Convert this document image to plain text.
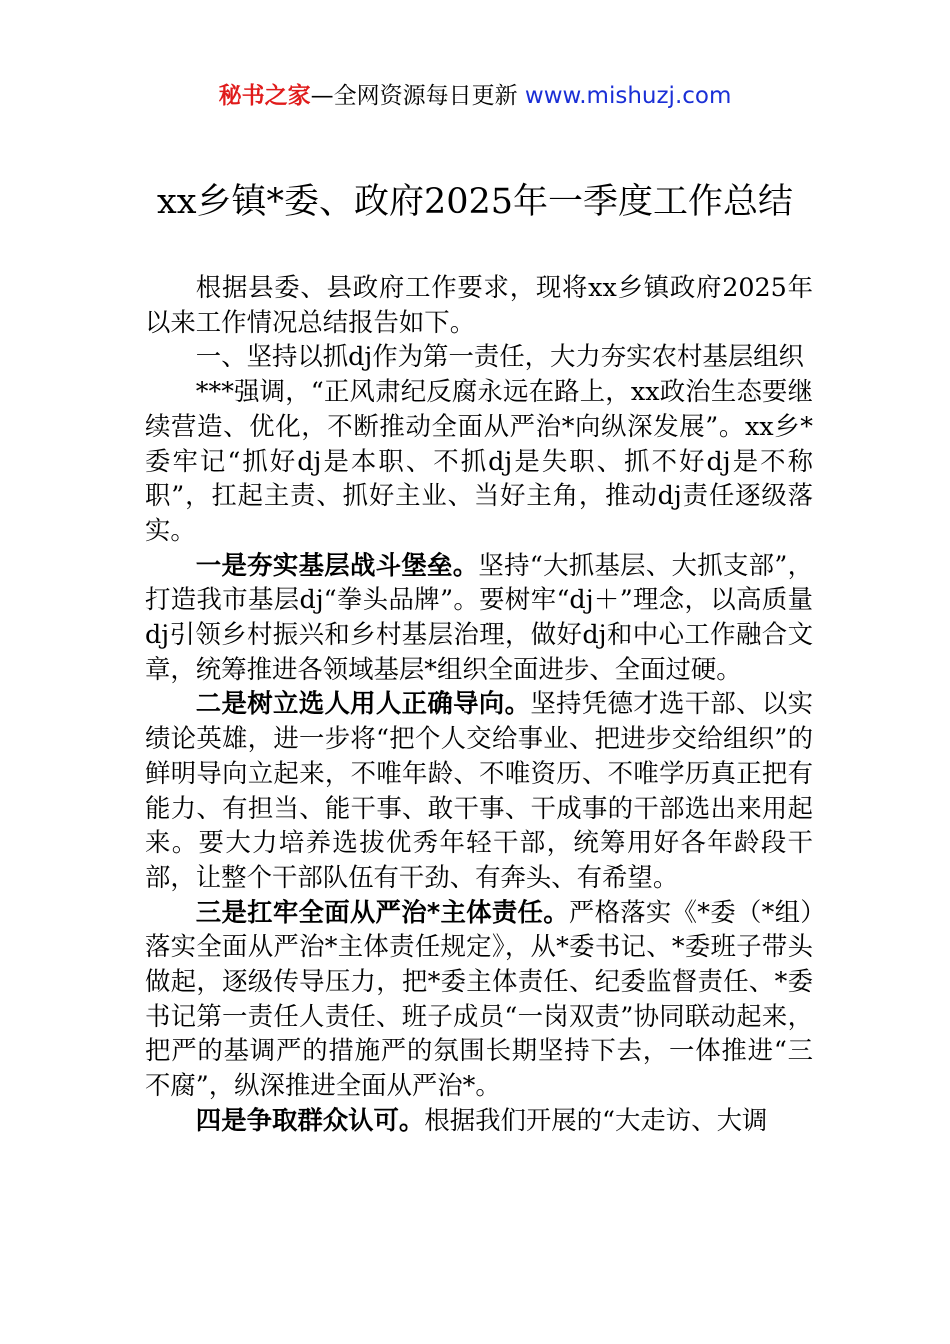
秘书之家—全网资源每日更新 www.mishuzj.com
xx乡镇*委、政府2025年一季度工作总结

根据县委、县政府工作要求，现将xx乡镇政府2025年以来工作情况总结报告如下。

一、坚持以抓dj作为第一责任，大力夯实农村基层组织

***强调，“正风肃纪反腐永远在路上，xx政治生态要继续营造、优化，不断推动全面从严治*向纵深发展”。xx乡*委牢记“抓好dj是本职、不抓dj是失职、抓不好dj是不称职”，扛起主责、抓好主业、当好主角，推动dj责任逐级落实。

一是夯实基层战斗堡垒。坚持“大抓基层、大抓支部”，打造我市基层dj“拳头品牌”。要树牢“dj＋”理念，以高质量dj引领乡村振兴和乡村基层治理，做好dj和中心工作融合文章，统筹推进各领域基层*组织全面进步、全面过硬。

二是树立选人用人正确导向。坚持凭德才选干部、以实绩论英雄，进一步将“把个人交给事业、把进步交给组织”的鲜明导向立起来，不唯年龄、不唯资历、不唯学历真正把有能力、有担当、能干事、敢干事、干成事的干部选出来用起来。要大力培养选拔优秀年轻干部，统筹用好各年龄段干部，让整个干部队伍有干劲、有奔头、有希望。

三是扛牢全面从严治*主体责任。严格落实《*委（*组）落实全面从严治*主体责任规定》，从*委书记、*委班子带头做起，逐级传导压力，把*委主体责任、纪委监督责任、*委书记第一责任人责任、班子成员“一岗双责”协同联动起来，把严的基调严的措施严的氛围长期坚持下去，一体推进“三不腐”，纵深推进全面从严治*。

四是争取群众认可。根据我们开展的“大走访、大调
